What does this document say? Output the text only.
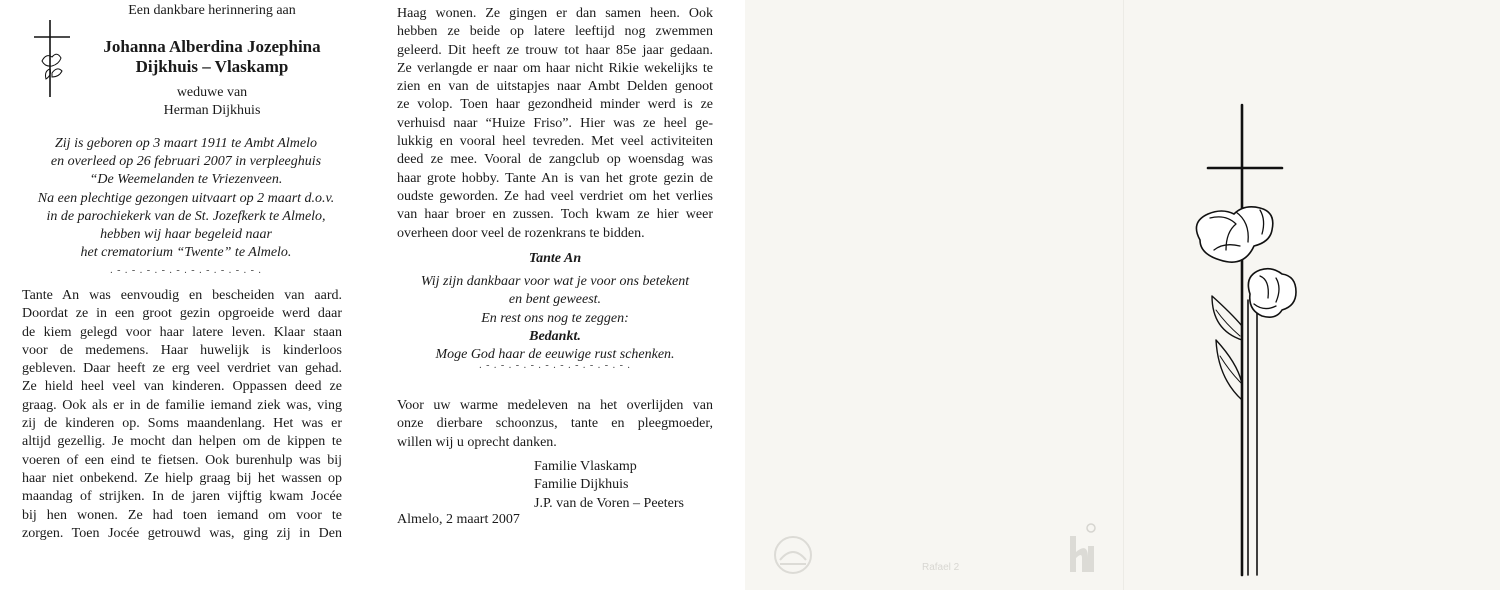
Een dankbare herinnering aan
Johanna Alberdina Jozephina
Dijkhuis – Vlaskamp
weduwe van
Herman Dijkhuis
Zij is geboren op 3 maart 1911 te Ambt Almelo
en overleed op 26 februari 2007 in verpleeghuis
“De Weemelanden te Vriezenveen.
Na een plechtige gezongen uitvaart op 2 maart d.o.v.
in de parochiekerk van de St. Jozefkerk te Almelo,
hebben wij haar begeleid naar
het crematorium “Twente” te Almelo.
. - . - . - . - . - . - . - . - . - . - .
Tante An was eenvoudig en bescheiden van aard.
Doordat ze in een groot gezin opgroeide werd daar
de kiem gelegd voor haar latere leven. Klaar staan
voor de medemens. Haar huwelijk is kinderloos
gebleven. Daar heeft ze erg veel verdriet van gehad.
Ze hield heel veel van kinderen. Oppassen deed ze
graag. Ook als er in de familie iemand ziek was, ving
zij de kinderen op. Soms maandenlang. Het was er
altijd gezellig. Je mocht dan helpen om de kippen te
voeren of een eind te fietsen. Ook burenhulp was bij
haar niet onbekend. Ze hielp graag bij het wassen op
maandag of strijken. In de jaren vijftig kwam Jocée
bij hen wonen. Ze had toen iemand om voor te
zorgen. Toen Jocée getrouwd was, ging zij in Den
Haag wonen. Ze gingen er dan samen heen. Ook
hebben ze beide op latere leeftijd nog zwemmen
geleerd. Dit heeft ze trouw tot haar 85e jaar gedaan.
Ze verlangde er naar om haar nicht Rikie wekelijks te
zien en van de uitstapjes naar Ambt Delden genoot
ze volop. Toen haar gezondheid minder werd is ze
verhuisd naar “Huize Friso”. Hier was ze heel ge-
lukkig en vooral heel tevreden. Met veel activiteiten
deed ze mee. Vooral de zangclub op woensdag was
haar grote hobby. Tante An is van het grote gezin de
oudste geworden. Ze had veel verdriet om het verlies
van haar broer en zussen. Toch kwam ze hier weer
overheen door veel de rozenkrans te bidden.
Tante An
Wij zijn dankbaar voor wat je voor ons betekent
en bent geweest.
En rest ons nog te zeggen:
Bedankt.
Moge God haar de eeuwige rust schenken.
. - . - . - . - . - . - . - . - . - . - .
Voor uw warme medeleven na het overlijden van
onze dierbare schoonzus, tante en pleegmoeder,
willen wij u oprecht danken.
Familie Vlaskamp
Familie Dijkhuis
J.P. van de Voren – Peeters
Almelo, 2 maart 2007
Rafael 2
